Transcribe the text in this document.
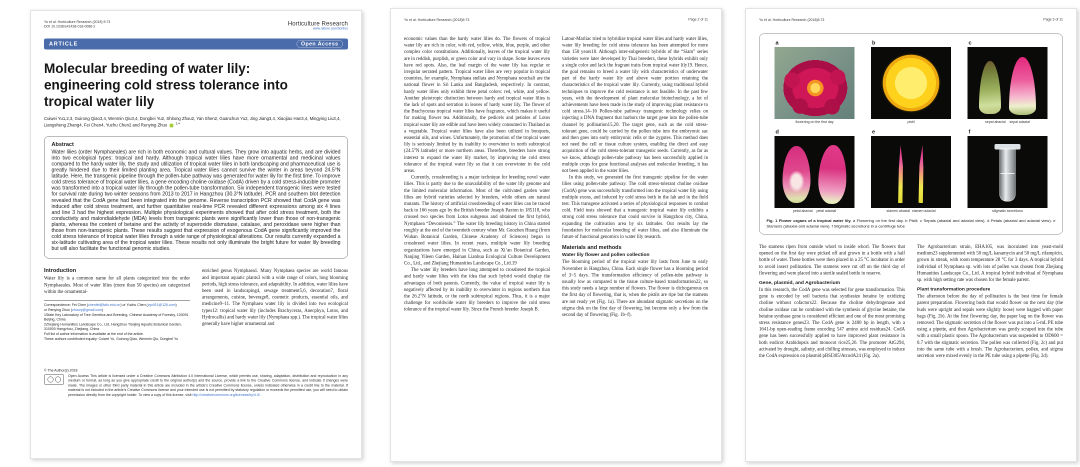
Yu et al. Horticulture Research (2018) 5:73
DOI 10.1038/s41438-018-0086-2	Horticulture Research
www.nature.com/hortres
ARTICLE	Open Access
Molecular breeding of water lily:
engineering cold stress tolerance into
tropical water lily
Cuiwei Yu1,2,3, Guirong Qiao3,4, Wenmin Qiu3,4, Dongbei Yu2, Shitong Zhou2, Yan Shen2, Guanchun Yu2, Jing Jiang3,4, Xiaojiao Han3,4, Mingying Liu3,4, Liangsheng Zhang4, Fei Chen4, Yuchu Chen2 and Renying Zhuo $^{3,4}$
Abstract
Water lilies (order Nymphaeales) are rich in both economic and cultural values. They grow into aquatic herbs, and are divided into two ecological types: tropical and hardy. Although tropical water lilies have more ornamental and medicinal values compared to the hardy water lily, the study and utilization of tropical water lilies in both landscaping and pharmaceutical use is greatly hindered due to their limited planting area. Tropical water lilies cannot survive the winter in areas beyond 24.5°N latitude. Here, the transgenic pipeline through the pollen-tube pathway was generated for water lily for the first time. To improve cold stress tolerance of tropical water lilies, a gene encoding choline oxidase (CodA) driven by a cold stress-inducible promoter was transformed into a tropical water lily through the pollen-tube transformation. Six independent transgenic lines were tested for survival rate during two winter seasons from 2013 to 2017 in Hangzhou (30.3°N latitude). PCR and southern blot detection revealed that the CodA gene had been integrated into the genome. Reverse transcription PCR showed that CodA gene was induced after cold stress treatment, and further quantitative real-time PCR revealed different expressions among six 4 lines and line 3 had the highest expression. Multiple physiological experiments showed that after cold stress treatment, both the conductivity and malondialdehyde (MDA) levels from transgenic plants were significantly lower than those of non-transgenic plants, whereas the content of betaine and the activity of superoxide dismutase, catalase, and peroxidase were higher than those from non-transgenic plants. These results suggest that expression of exogenous CodA gene significantly improved the cold stress tolerance of tropical water lilies through a wide range of physiological alterations. Our results currently expanded a six-latitude cultivating area of the tropical water lilies. These results not only illuminate the bright future for water lily breeding but will also facilitate the functional genomic studies.
Introduction

Water lily is a common name for all plants categorized into the order Nymphaeales. Most of water lilies (more than 50 species) are categorized within the ornamental-

Correspondence: Fei Chen (chenfei@fafu.edu.cn) or Yuchu Chen (cyc911@126.com)
or Renying Zhuo (zhuory@gmail.com)
1State Key Laboratory of Tree Genetics and Breeding, Chinese Academy of Forestry, 100091 Beijing, China
2Zhejiang Humanities Landscape Co., Ltd, Hangzhou Tianjing Aquatic Botanical Garden, 310000 Hangzhou, Zhejiang, China
Full list of author information is available at the end of the article.
These authors contributed equally: Cuiwei Yu, Guirong Qiao, Wenmin Qiu, Dongbei Yu

enriched genus Nymphaea1. Many Nymphaea species are world famous and important aquatic plants3 with a wide range of colors, long blooming periods, high stress tolerance, and adaptability. In addition, water lilies have been used in landscaping4, sewage treatment5,6, decoration7, floral arrangements, cuisine, beverage8, cosmetic products, essential oils, and medicine9–11. The Nymphaea water lily is divided into two ecological types12: tropical water lily (includes Brachyceras, Anecphya, Lotos, and Hydrocallis) and hardy water lily (Nymphaea spp.). The tropical water lilies generally have higher ornamental and

© The Author(s) 2018
Open Access This article is licensed under a Creative Commons Attribution 4.0 International License, which permits use, sharing, adaptation, distribution and reproduction in any medium or format, as long as you give appropriate credit to the original author(s) and the source, provide a link to the Creative Commons license, and indicate if changes were made. The images or other third party material in this article are included in the article’s Creative Commons license, unless indicated otherwise in a credit line to the material. If material is not included in the article’s Creative Commons license and your intended use is not permitted by statutory regulation or exceeds the permitted use, you will need to obtain permission directly from the copyright holder. To view a copy of this license, visit http://creativecommons.org/licenses/by/4.0/.
Yu et al. Horticulture Research (2018)5:73	Page 2 of 11

economic values than the hardy water lilies do. The flowers of tropical water lily are rich in color, with red, yellow, white, blue, purple, and other complex color constitutions. Additionally, leaves of the tropical water lily are in reddish, purplish, or green color and vary in shape. Some leaves even have red spots. Also, the leaf margin of the water lily has regular or irregular serrated pattern. Tropical water lilies are very popular in tropical countries, for example, Nymphaea stellata and Nymphaea nouchali are the national flower in Sri Lanka and Bangladesh, respectively. In contrast, hardy water lilies only exhibit three petal colors: red, white, and yellow. Another pleiotropic distinction between hardy and tropical water lilies is the lack of spots and serration in leaves of hardy water lily. The flower of the Brachyceras tropical water lilies have fragrance, which makes it useful for making flower tea. Additionally, the pedicels and petioles of Lotos tropical water lily are edible and have been widely consumed in Thailand as a vegetable. Tropical water lilies have also been utilized in bouquets, essential oils, and wines. Unfortunately, the promotion of the tropical water lily is seriously limited by its inability to overwinter in north subtropical (24.5°N latitude) or more northern areas. Therefore, breeders have strong interest to expand the water lily market, by improving the cold stress tolerance of the tropical water lily so that it can overwinter in the cold areas.

Currently, crossbreeding is a major technique for breeding novel water lilies. This is partly due to the unavailability of the water lily genome and the limited molecular information. Most of the cultivated garden water lilies are hybrid varieties selected by breeders, while others are natural mutants. The history of artificial crossbreeding of water lilies can be traced back to 166 years ago by the British breeder Joseph Paxton in 185118, who crossed two species from Lotos subgenus and obtained the first hybrid, Nymphaea “Devoniensis.” The water lily breeding history in China started roughly at the end of the twentieth century when Mr. Guozhen Huang (from Wuhan Botanical Garden, Chinese Academy of Sciences) began to crossbreed water lilies. In recent years, multiple water lily breeding organizations have emerged in China, such as Xi’an Botanical Garden, Nanjing Yileen Garden, Hainan Lianhua Ecological Culture Development Co., Ltd., and Zhejiang Humanities Landscape Co., Ltd.19

The water lily breeders have long attempted to crossbreed the tropical and hardy water lilies with the idea that such hybrid would display the advantages of both parents. Currently, the value of tropical water lily is negatively affected by its inability to overwinter in regions northern than the 26.2°N latitude, or the north subtropical regions. Thus, it is a major challenge for worldwide water lily breeders to improve the cold stress tolerance of the tropical water lily. Since the French breeder Joseph B.

Latour-Marliac tried to hybridize tropical water lilies and hardy water lilies, water lily breeding for cold stress tolerance has been attempted for more than 150 years18. Although inter-subgeneric hybrids of the “Siam” series varieties were later developed by Thai breeders, these hybrids exhibit only a single color and lack the fragrant traits from tropical water lily19. Hence, the goal remains to breed a water lily with characteristics of underwater part of the hardy water lily and above water portion retaining the characteristics of the tropical water lily. Currently, using traditional hybrid techniques to improve the cold resistance is not feasible. In the past few years, with the development of plant molecular biotechnology, a lot of achievements have been made in the study of improving plant resistance to cold stress.14–16 Pollen-tube pathway transgenic technology relies on injecting a DNA fragment that harbors the target gene into the pollen-tube channel by pollination15,20. The target gene, such as the cold stress-tolerant gene, could be carried by the pollen tube into the embryonic sac and then goes into early embryonic cells or the zygotes. This method does not need the cell or tissue culture system, enabling the direct and easy acquisition of the cold stress-tolerant transgenic seeds. Currently, as far as we know, although pollen-tube pathway has been successfully applied in multiple crops for gene functional analyses and molecular breeding, it has not been applied in the water lilies.

In this study, we generated the first transgenic pipeline for the water lilies using pollen-tube pathway. The cold stress-tolerant choline oxidase (CodA) gene was successfully transformed into the tropical water lily using multiple exons, and induced by cold stress both in the lab and in the field test. This transgene activated a series of physiological responses to combat cold. Field tests showed that a transgenic tropical water lily exhibits a strong cold stress tolerance that could survive in Hangzhou city, China, expanding the cultivation area by six latitudes. Our results lay the foundation for molecular breeding of water lilies, and also illuminate the future of functional genomics in water lily research.

Materials and methods
Water lily flower and pollen collection

The blooming period of the tropical water lily lasts from June to early November in Hangzhou, China. Each single flower has a blooming period of 3~5 days. The transformation efficiency of pollen-tube pathway is usually low as compared to the tissue culture-based transformation22, so this study needs a large number of flowers. The flower is dichogamous on the first day of flowering, that is, when the pistils are ripe but the stamens are not ready yet (Fig. 1a). There are abundant stigmatic secretions on the stigma disk on the first day of flowering, but become only a few from the second day of flowering (Fig. 1b–f).

Yu et al. Horticulture Research (2018)5:73	Page 3 of 11
a
flowering on the first day
b
pistil
c
sepal abaxial    sepal adaxial
d
petal abaxial    petal adaxial
e
stamen abaxial  stamen adaxial
f
stigmatic secretions
Fig. 1 Flower organs of a tropical water lily. a Flowering on the first day. b Pistil. c Sepals (abaxial and adaxial view). d Petals (abaxial and adaxial view). e Stamens (abaxial and adaxial view). f Stigmatic secretions in a centrifuge tube

The stamens ripen from outside whorl to inside whorl. The flowers that opened on the first day were picked off and grown in a bottle with a half bottle of water. These bottles were then placed in a 25 °C incubator in order to avoid insect pollination. The stamens were cut off on the third day of flowering and were placed into a sterile sealed bottle in reserve.

Gene, plasmid, and Agrobacterium

In this research, the CodA gene was selected for gene transformation. This gene is encoded by soil bacteria that synthesize betaine by oxidizing choline without cofactors22. Because the choline dehydrogenase and choline oxidase can be combined with the synthesis of glycine betaine, the betaine synthase gene is considered efficient and one of the most promising stress resistance genes23. The CodA gene is 2400 bp in length, with a 1641-bp open-reading frame encoding 547 amino acid residues24. CodA gene has been successfully applied to have improved plant resistance in both eudicot Arabidopsis and monocot rice25,26. The promoter AtG294, activated by drought, salinity, and chilling stresses, was employed to induce the CodA expression on plasmid pBSI305/AtcodA24 (Fig. 2a).

The Agrobacterium strain, EHA105, was inoculated into yeast-mold medium23 supplemented with 50 mg/L kanamycin and 50 mg/L rifampicin, grown in streak, with room temperature 28 °C for 3 days. A tropical hybrid individual of Nymphaea sp. with lots of pollen was chosen from Zhejiang Humanities Landscape Co., Ltd. A tropical hybrid individual of Nymphaea sp. with high setting rate was chosen for the female parent.

Plant transformation procedure

The afternoon before the day of pollination is the best time for female parent preparation. Flowering buds that would flower on the next day (the buds were upright and sepals were slightly loose) were bagged with paper bags (Fig. 2b). At the first flowering day, the paper bag on the flower was removed. The stigmatic secretion of the flower was put into a 5-mL PE tube using a pipette, and then Agrobacterium was gently scraped into the tube with a small plastic spoon. The Agrobacterium was suspended to OD600 = 0.7 with the stigmatic secretion. The pollen was collected (Fig. 2c) and put into the same tube with a brush. The Agrobacterium, pollen, and stigma secretion were mixed evenly in the PE tube using a pipette (Fig. 2d).
